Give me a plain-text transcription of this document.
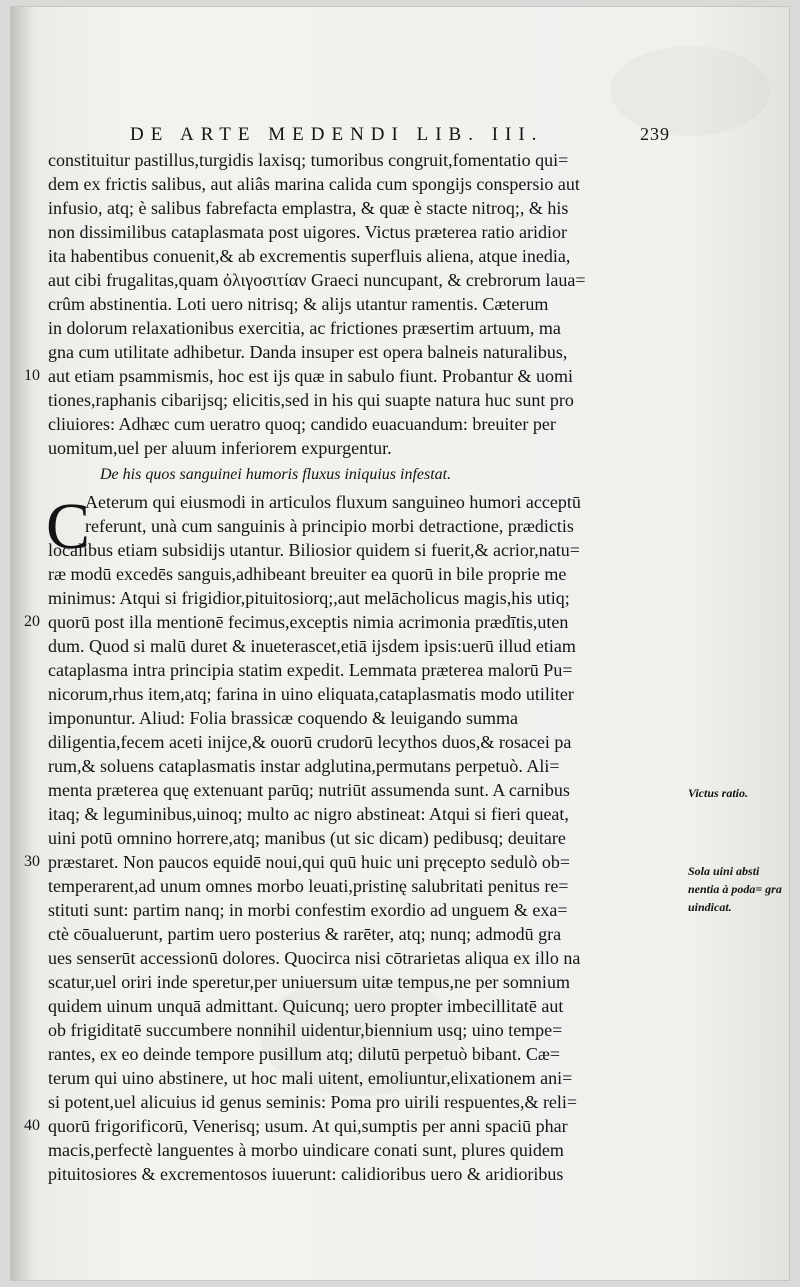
DE ARTE MEDENDI LIB. III.	239
constituitur pastillus,turgidis laxisq; tumoribus congruit,fomentatio qui=
dem ex frictis salibus, aut aliâs marina calida cum spongijs conspersio aut
infusio, atq; è salibus fabrefacta emplastra, & quæ è stacte nitroq;, & his
non dissimilibus cataplasmata post uigores. Victus præterea ratio aridior
ita habentibus conuenit,& ab excrementis superfluis aliena, atque inedia,
aut cibi frugalitas,quam ὀλιγοσιτίαν Graeci nuncupant, & crebrorum laua=
crûm abstinentia. Loti uero nitrisq; & alijs utantur ramentis. Cæterum
in dolorum relaxationibus exercitia, ac frictiones præsertim artuum, ma
gna cum utilitate adhibetur. Danda insuper est opera balneis naturalibus,
aut etiam psammismis, hoc est ijs quæ in sabulo fiunt. Probantur & uomi
tiones,raphanis cibarijsq; elicitis,sed in his qui suapte natura huc sunt pro
cliuiores: Adhæc cum ueratro quoq; candido euacuandum: breuiter per
uomitum,uel per aluum inferiorem expurgentur.
De his quos sanguinei humoris fluxus iniquius infestat.
C
Aeterum qui eiusmodi in articulos fluxum sanguineo humori acceptū
referunt, unà cum sanguinis à principio morbi detractione, prædictis
localibus etiam subsidijs utantur. Biliosior quidem si fuerit,& acrior,natu=
ræ modū excedēs sanguis,adhibeant breuiter ea quorū in bile proprie me
minimus: Atqui si frigidior,pituitosiorq;,aut melācholicus magis,his utiq;
quorū post illa mentionē fecimus,exceptis nimia acrimonia prædītis,uten
dum. Quod si malū duret & inueterascet,etiā ijsdem ipsis:uerū illud etiam
cataplasma intra principia statim expedit. Lemmata præterea malorū Pu=
nicorum,rhus item,atq; farina in uino eliquata,cataplasmatis modo utiliter
imponuntur. Aliud: Folia brassicæ coquendo & leuigando summa
diligentia,fecem aceti inijce,& ouorū crudorū lecythos duos,& rosacei pa
rum,& soluens cataplasmatis instar adglutina,permutans perpetuò. Ali=
menta præterea quę extenuant parūq; nutriūt assumenda sunt. A carnibus
itaq; & leguminibus,uinoq; multo ac nigro abstineat: Atqui si fieri queat,
uini potū omnino horrere,atq; manibus (ut sic dicam) pedibusq; deuitare
præstaret. Non paucos equidē noui,qui quū huic uni pręcepto sedulò ob=
temperarent,ad unum omnes morbo leuati,pristinę salubritati penitus re=
stituti sunt: partim nanq; in morbi confestim exordio ad unguem & exa=
ctè cōualuerunt, partim uero posterius & rarēter, atq; nunq; admodū gra
ues senserūt accessionū dolores. Quocirca nisi cōtrarietas aliqua ex illo na
scatur,uel oriri inde speretur,per uniuersum uitæ tempus,ne per somnium
quidem uinum unquā admittant. Quicunq; uero propter imbecillitatē aut
ob frigiditatē succumbere nonnihil uidentur,biennium usq; uino tempe=
rantes, ex eo deinde tempore pusillum atq; dilutū perpetuò bibant. Cæ=
terum qui uino abstinere, ut hoc mali uitent, emoliuntur,elixationem ani=
si potent,uel alicuius id genus seminis: Poma pro uirili respuentes,& reli=
quorū frigorificorū, Venerisq; usum. At qui,sumptis per anni spaciū phar
macis,perfectè languentes à morbo uindicare conati sunt, plures quidem
pituitosiores & excrementosos iuuerunt: calidioribus uero & aridioribus
10
20
30
40
Victus ratio.
Sola uini absti nentia à poda= gra uindicat.
